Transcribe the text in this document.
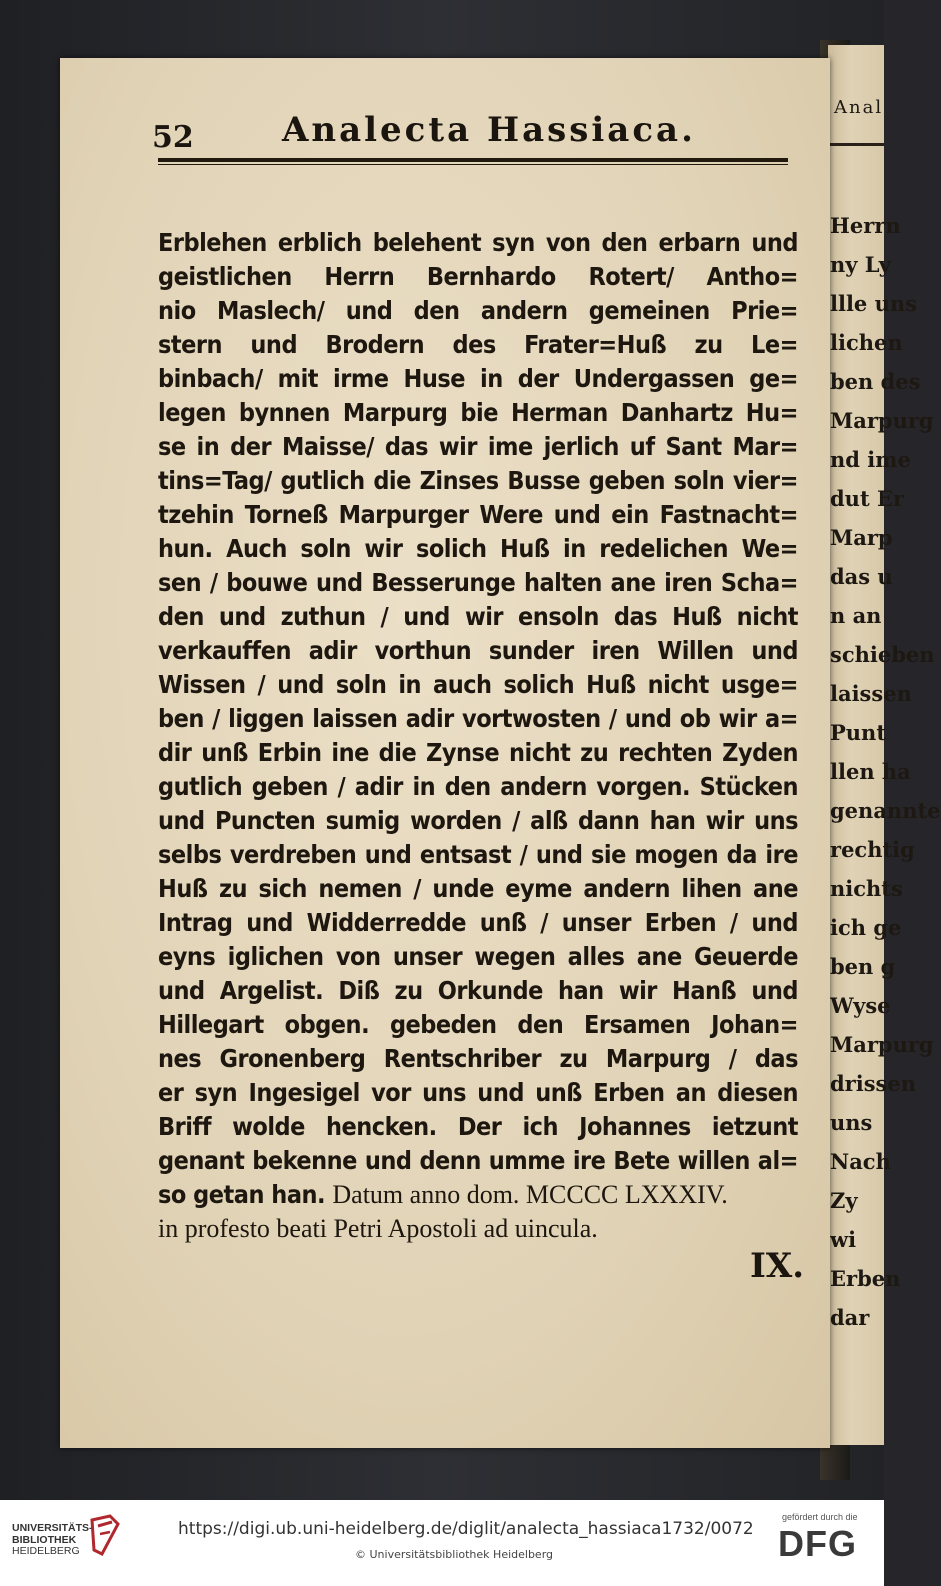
Anal
Herrn
ny Ly
llle uns
lichen
ben des
Marpurg
nd ime
dut Er
Marp
das u
n an
schieben
laissen
Punt
llen ha
genannte
rechtig
nichts
ich ge
ben g
Wyse
Marpurg
drissen
uns
Nach
Zy
wi
Erben
dar
52	Analecta Hassiaca.
Erblehen erblich belehent syn von den erbarn und
geistlichen Herrn Bernhardo Rotert/ Antho=
nio Maslech/ und den andern gemeinen Prie=
stern und Brodern des Frater=Huß zu Le=
binbach/ mit irme Huse in der Undergassen ge=
legen bynnen Marpurg bie Herman Danhartz Hu=
se in der Maisse/ das wir ime jerlich uf Sant Mar=
tins=Tag/ gutlich die Zinses Busse geben soln vier=
tzehin Torneß Marpurger Were und ein Fastnacht=
hun. Auch soln wir solich Huß in redelichen We=
sen / bouwe und Besserunge halten ane iren Scha=
den und zuthun / und wir ensoln das Huß nicht
verkauffen adir vorthun sunder iren Willen und
Wissen / und soln in auch solich Huß nicht usge=
ben / liggen laissen adir vortwosten / und ob wir a=
dir unß Erbin ine die Zynse nicht zu rechten Zyden
gutlich geben / adir in den andern vorgen. Stücken
und Puncten sumig worden / alß dann han wir uns
selbs verdreben und entsast / und sie mogen da ire
Huß zu sich nemen / unde eyme andern lihen ane
Intrag und Widderredde unß / unser Erben / und
eyns iglichen von unser wegen alles ane Geuerde
und Argelist. Diß zu Orkunde han wir Hanß und
Hillegart obgen. gebeden den Ersamen Johan=
nes Gronenberg Rentschriber zu Marpurg / das
er syn Ingesigel vor uns und unß Erben an diesen
Briff wolde hencken. Der ich Johannes ietzunt
genant bekenne und denn umme ire Bete willen al=
so getan han. Datum anno dom. MCCCC LXXXIV.
in profesto beati Petri Apostoli ad uincula.
IX.
UNIVERSITÄTS-
BIBLIOTHEK
HEIDELBERG
https://digi.ub.uni-heidelberg.de/diglit/analecta_hassiaca1732/0072
© Universitätsbibliothek Heidelberg
gefördert durch die
DFG
